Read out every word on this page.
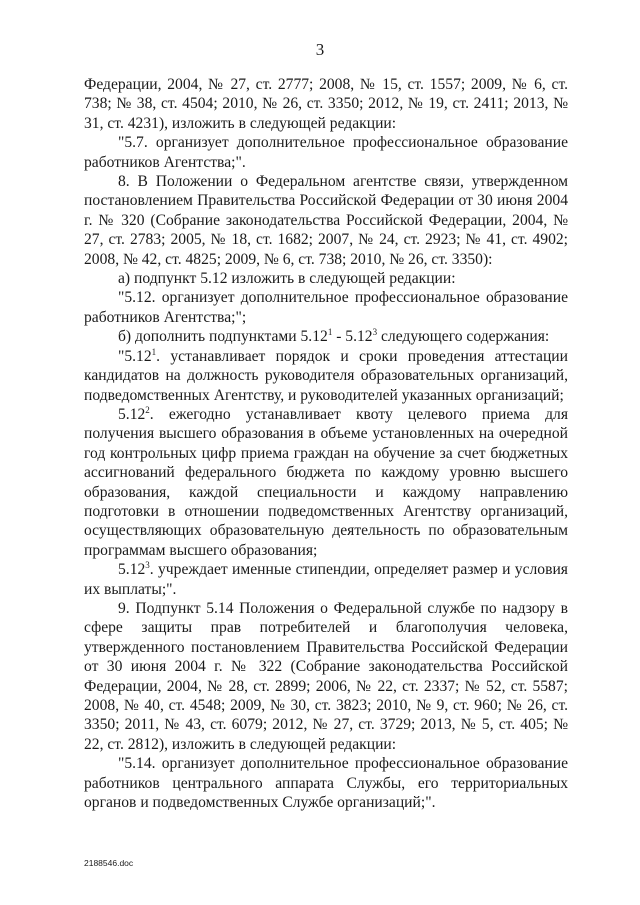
3

Федерации, 2004, № 27, ст. 2777; 2008, № 15, ст. 1557; 2009, № 6, ст. 738; № 38, ст. 4504; 2010, № 26, ст. 3350; 2012, № 19, ст. 2411; 2013, № 31, ст. 4231), изложить в следующей редакции:

"5.7. организует дополнительное профессиональное образование работников Агентства;".

8. В Положении о Федеральном агентстве связи, утвержденном постановлением Правительства Российской Федерации от 30 июня 2004 г. № 320 (Собрание законодательства Российской Федерации, 2004, № 27, ст. 2783; 2005, № 18, ст. 1682; 2007, № 24, ст. 2923; № 41, ст. 4902; 2008, № 42, ст. 4825; 2009, № 6, ст. 738; 2010, № 26, ст. 3350):

а) подпункт 5.12 изложить в следующей редакции:

"5.12. организует дополнительное профессиональное образование работников Агентства;";

б) дополнить подпунктами 5.12$^1$ - 5.12$^3$ следующего содержания:

"5.12$^1$. устанавливает порядок и сроки проведения аттестации кандидатов на должность руководителя образовательных организаций, подведомственных Агентству, и руководителей указанных организаций;

5.12$^2$. ежегодно устанавливает квоту целевого приема для получения высшего образования в объеме установленных на очередной год контрольных цифр приема граждан на обучение за счет бюджетных ассигнований федерального бюджета по каждому уровню высшего образования, каждой специальности и каждому направлению подготовки в отношении подведомственных Агентству организаций, осуществляющих образовательную деятельность по образовательным программам высшего образования;

5.12$^3$. учреждает именные стипендии, определяет размер и условия их выплаты;".

9. Подпункт 5.14 Положения о Федеральной службе по надзору в сфере защиты прав потребителей и благополучия человека, утвержденного постановлением Правительства Российской Федерации от 30 июня 2004 г. № 322 (Собрание законодательства Российской Федерации, 2004, № 28, ст. 2899; 2006, № 22, ст. 2337; № 52, ст. 5587; 2008, № 40, ст. 4548; 2009, № 30, ст. 3823; 2010, № 9, ст. 960; № 26, ст. 3350; 2011, № 43, ст. 6079; 2012, № 27, ст. 3729; 2013, № 5, ст. 405; № 22, ст. 2812), изложить в следующей редакции:

"5.14. организует дополнительное профессиональное образование работников центрального аппарата Службы, его территориальных органов и подведомственных Службе организаций;".

2188546.doc
